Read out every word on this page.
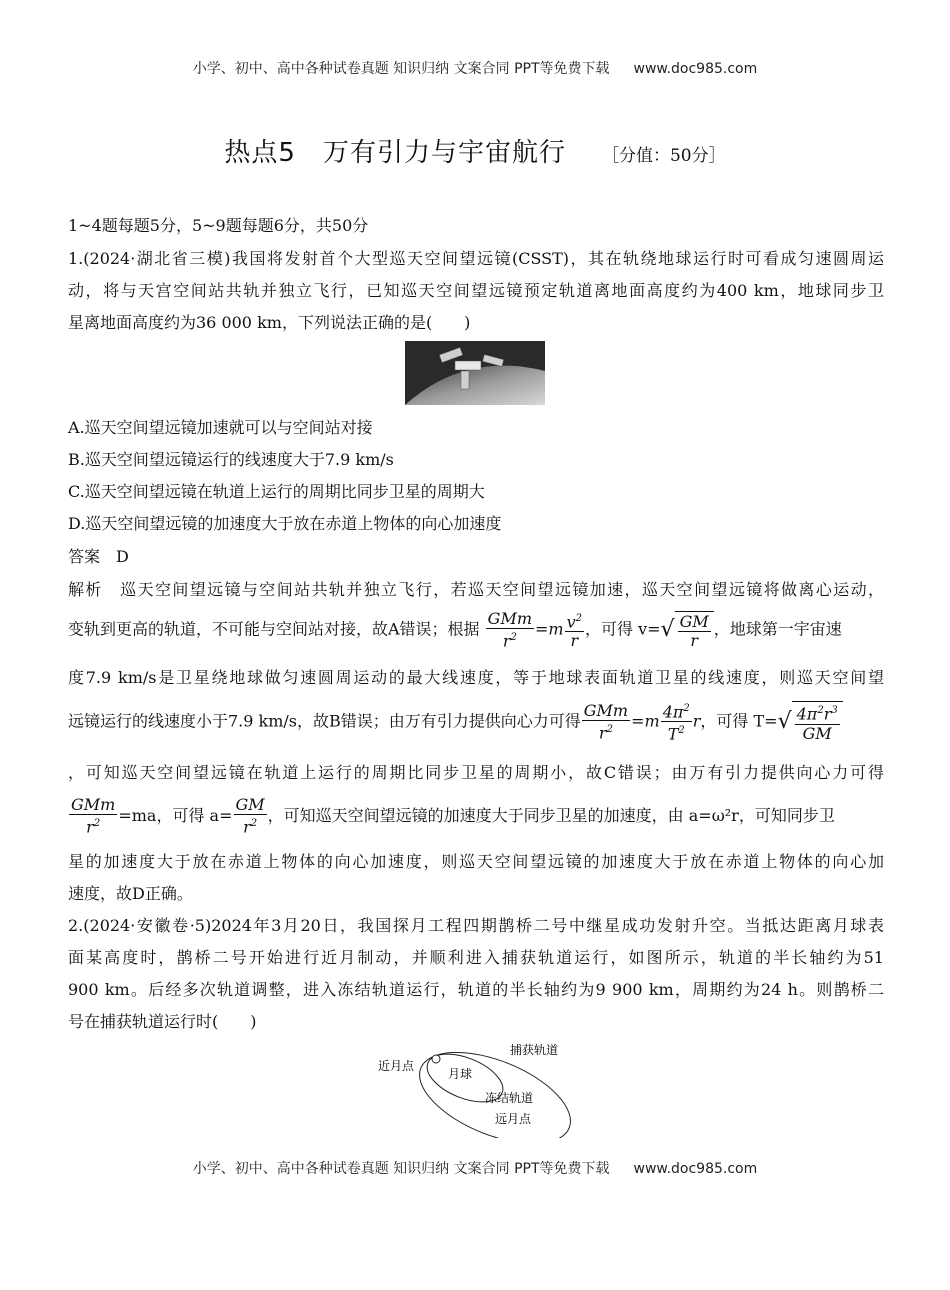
小学、初中、高中各种试卷真题 知识归纳 文案合同 PPT等免费下载 www.doc985.com
热点5　万有引力与宇宙航行 ［分值：50分］
1~4题每题5分，5~9题每题6分，共50分
1.(2024·湖北省三模)我国将发射首个大型巡天空间望远镜(CSST)，其在轨绕地球运行时可看成匀速圆周运
动，将与天宫空间站共轨并独立飞行，已知巡天空间望远镜预定轨道离地面高度约为400 km，地球同步卫
星离地面高度约为36 000 km，下列说法正确的是(　　)
A.巡天空间望远镜加速就可以与空间站对接
B.巡天空间望远镜运行的线速度大于7.9 km/s
C.巡天空间望远镜在轨道上运行的周期比同步卫星的周期大
D.巡天空间望远镜的加速度大于放在赤道上物体的向心加速度
答案　 D
解析　巡天空间望远镜与空间站共轨并独立飞行，若巡天空间望远镜加速，巡天空间望远镜将做离心运动，
变轨到更高的轨道，不可能与空间站对接，故A错误；根据 $\frac{\text{GMm}}{r^2} =m \frac{v^2}{r}$ ，可得 $v=√ \frac{GM}{r}$ ，地球第一宇宙速
度7.9 km/s是卫星绕地球做匀速圆周运动的最大线速度，等于地球表面轨道卫星的线速度，则巡天空间望
远镜运行的线速度小于7.9 km/s，故B错误；由万有引力提供向心力可得 $\frac{\text{GMm}}{r^2} =m \frac{4\pi^2}{T^2}$ r，可得 $T=√ \frac{4\pi^2r^3}{GM}$
，可知巡天空间望远镜在轨道上运行的周期比同步卫星的周期小，故C错误；由万有引力提供向心力可得
$\frac{\text{GMm}}{r^2} =ma$，可得 $a= \frac{GM}{r^2}$ ，可知巡天空间望远镜的加速度大于同步卫星的加速度，由 a=ω²r，可知同步卫
星的加速度大于放在赤道上物体的向心加速度，则巡天空间望远镜的加速度大于放在赤道上物体的向心加
速度，故D正确。
2.(2024·安徽卷·5)2024年3月20日，我国探月工程四期鹊桥二号中继星成功发射升空。当抵达距离月球表
面某高度时，鹊桥二号开始进行近月制动，并顺利进入捕获轨道运行，如图所示，轨道的半长轴约为51
900 km。后经多次轨道调整，进入冻结轨道运行，轨道的半长轴约为9 900 km，周期约为24 h。则鹊桥二
号在捕获轨道运行时(　　)
近月点
月球
捕获轨道
冻结轨道
远月点
小学、初中、高中各种试卷真题 知识归纳 文案合同 PPT等免费下载 www.doc985.com
